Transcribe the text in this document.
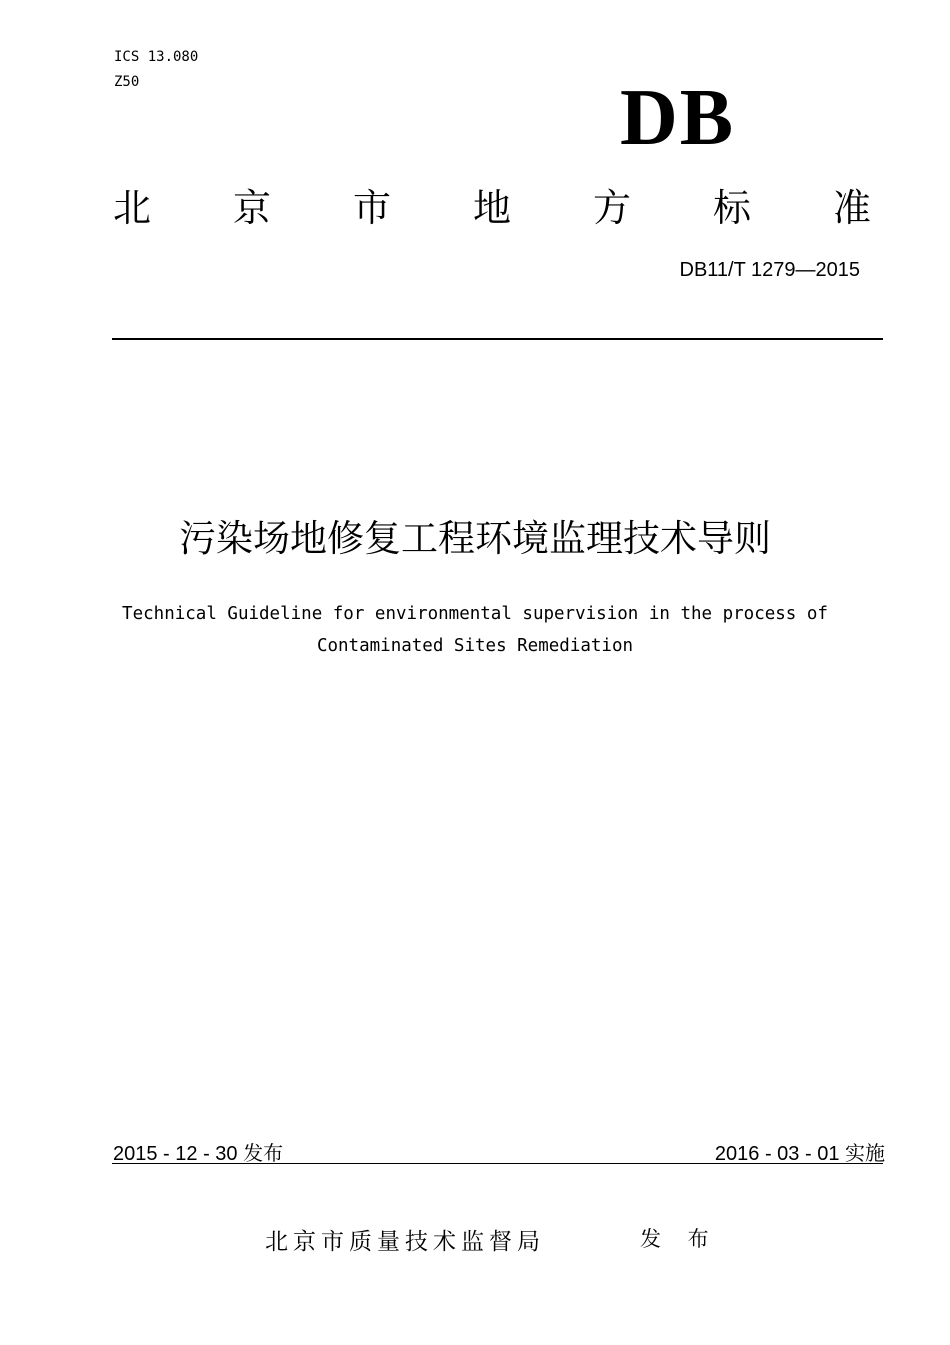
ICS 13.080
Z50	DB
北 京 市 地 方 标 准
DB11/T 1279—2015
污染场地修复工程环境监理技术导则
Technical Guideline for environmental supervision in the process of
Contaminated Sites Remediation
2015 - 12 - 30 发布	2016 - 03 - 01 实施
北京市质量技术监督局	发 布
